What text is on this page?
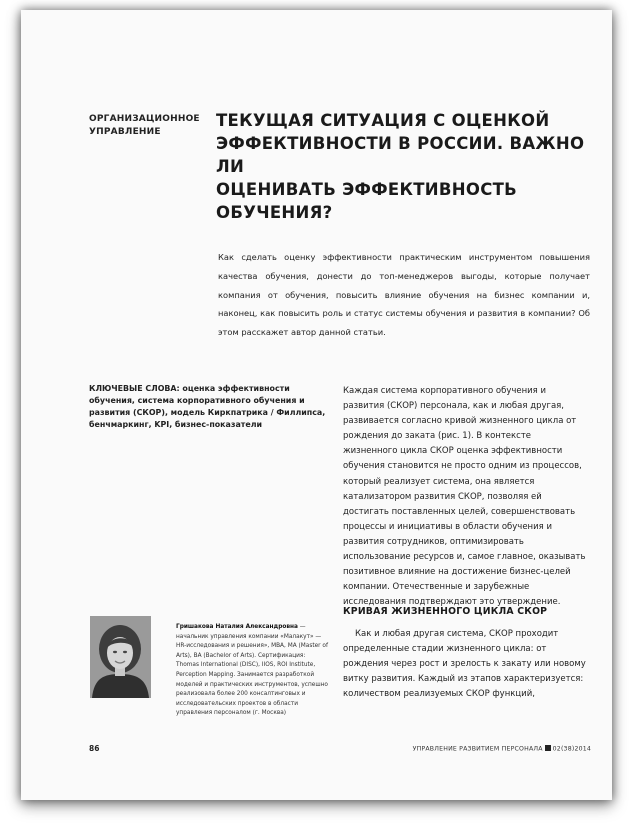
ОРГАНИЗАЦИОННОЕ
УПРАВЛЕНИЕ
ТЕКУЩАЯ СИТУАЦИЯ С ОЦЕНКОЙ
ЭФФЕКТИВНОСТИ В РОССИИ. ВАЖНО ЛИ
ОЦЕНИВАТЬ ЭФФЕКТИВНОСТЬ ОБУЧЕНИЯ?
Как сделать оценку эффективности практическим инструментом повышения качества обучения, донести до топ-менеджеров выгоды, которые получает компания от обучения, повысить влияние обучения на бизнес компании и, наконец, как повысить роль и статус системы обучения и развития в компании? Об этом расскажет автор данной статьи.
КЛЮЧЕВЫЕ СЛОВА: оценка эффективности обучения, система корпоративного обучения и развития (СКОР), модель Киркпатрика / Филлипса, бенчмаркинг, KPI, бизнес-показатели

Каждая система корпоративного обучения и развития (СКОР) персонала, как и любая другая, развивается согласно кривой жизненного цикла от рождения до заката (рис. 1). В контексте жизненного цикла СКОР оценка эффективности обучения становится не просто одним из процессов, который реализует система, она является катализатором развития СКОР, позволяя ей достигать поставленных целей, совершенствовать процессы и инициативы в области обучения и развития сотрудников, оптимизировать использование ресурсов и, самое главное, оказывать позитивное влияние на достижение бизнес-целей компании. Отечественные и зарубежные исследования подтверждают это утверждение.

КРИВАЯ ЖИЗНЕННОГО ЦИКЛА СКОР
Как и любая другая система, СКОР проходит определенные стадии жизненного цикла: от рождения через рост и зрелость к закату или новому витку развития. Каждый из этапов характеризуется: количеством реализуемых СКОР функций,
Гришакова Наталия Александровна — начальник управления компании «Малакут» — HR-исследования и решения», MBA, MA (Master of Arts), BA (Bachelor of Arts). Сертификация: Thomas International (DISC), IIOS, ROI Institute, Perception Mapping. Занимается разработкой моделей и практических инструментов, успешно реализовала более 200 консалтинговых и исследовательских проектов в области управления персоналом (г. Москва)
86	УПРАВЛЕНИЕ РАЗВИТИЕМ ПЕРСОНАЛА 02(38)2014
